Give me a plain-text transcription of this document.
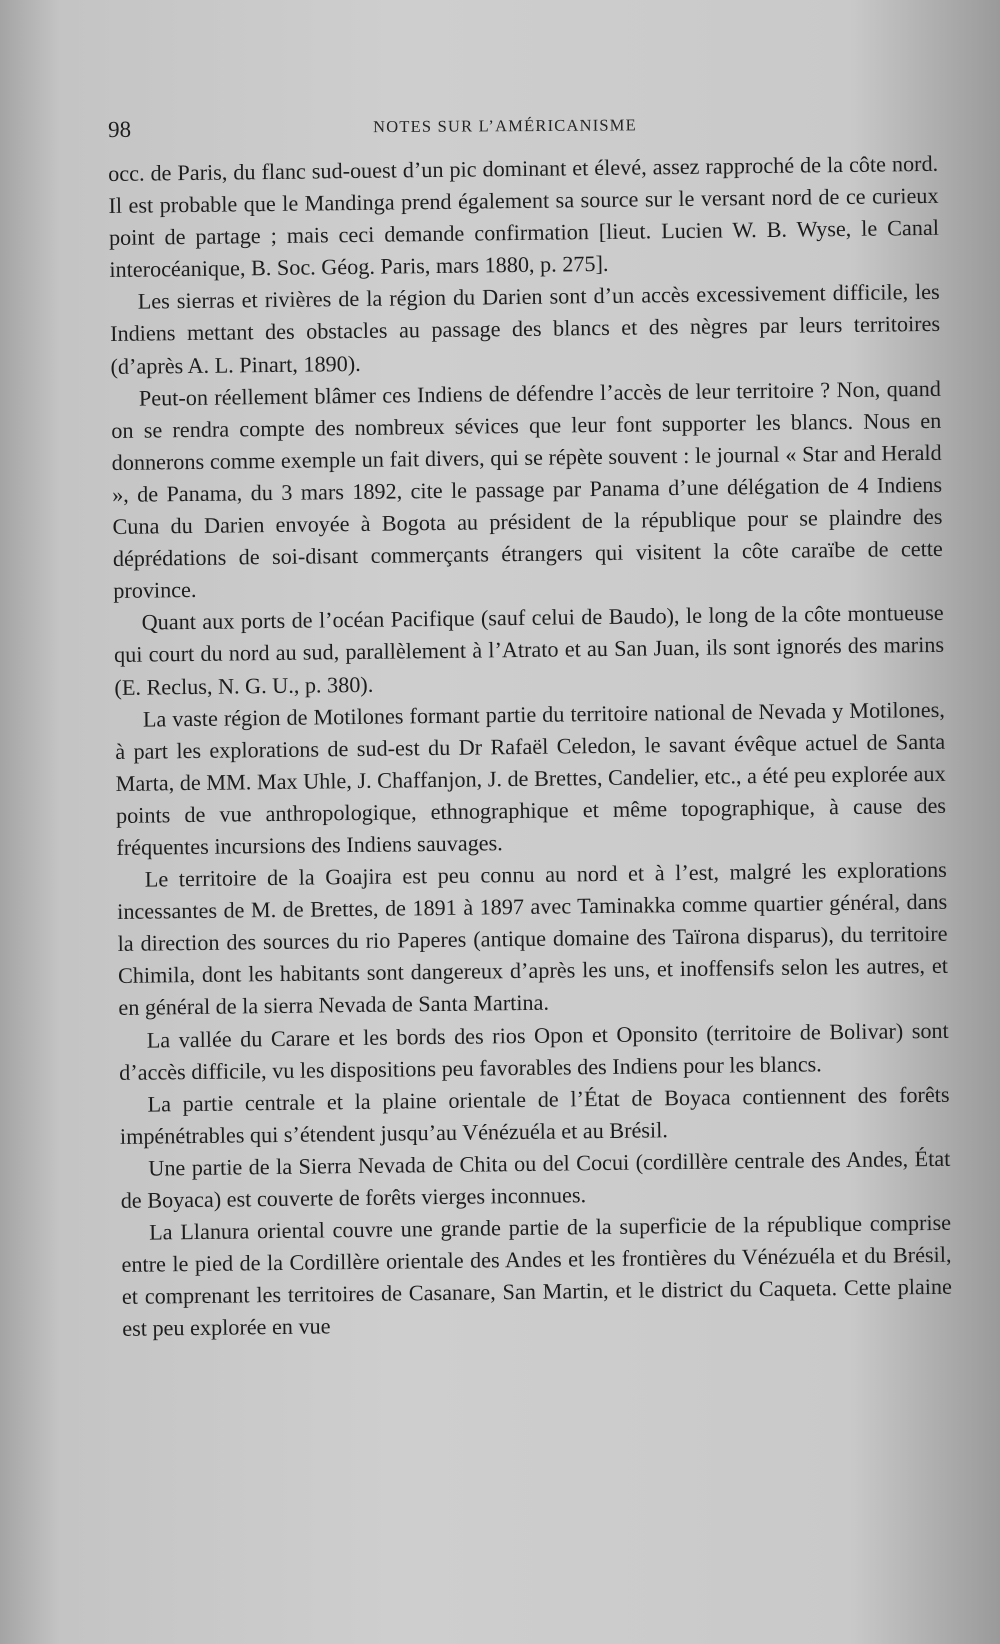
98	NOTES SUR L’AMÉRICANISME

occ. de Paris, du flanc sud-ouest d’un pic dominant et élevé, assez rapproché de la côte nord. Il est probable que le Mandinga prend également sa source sur le versant nord de ce curieux point de partage ; mais ceci demande confirmation [lieut. Lucien W. B. Wyse, le Canal interocéanique, B. Soc. Géog. Paris, mars 1880, p. 275].

Les sierras et rivières de la région du Darien sont d’un accès excessivement difficile, les Indiens mettant des obstacles au passage des blancs et des nègres par leurs territoires (d’après A. L. Pinart, 1890).

Peut-on réellement blâmer ces Indiens de défendre l’accès de leur territoire ? Non, quand on se rendra compte des nombreux sévices que leur font supporter les blancs. Nous en donnerons comme exemple un fait divers, qui se répète souvent : le journal « Star and Herald », de Panama, du 3 mars 1892, cite le passage par Panama d’une délégation de 4 Indiens Cuna du Darien envoyée à Bogota au président de la république pour se plaindre des déprédations de soi-disant commerçants étrangers qui visitent la côte caraïbe de cette province.

Quant aux ports de l’océan Pacifique (sauf celui de Baudo), le long de la côte montueuse qui court du nord au sud, parallèlement à l’Atrato et au San Juan, ils sont ignorés des marins (E. Reclus, N. G. U., p. 380).

La vaste région de Motilones formant partie du territoire national de Nevada y Motilones, à part les explorations de sud-est du Dr Rafaël Celedon, le savant évêque actuel de Santa Marta, de MM. Max Uhle, J. Chaffanjon, J. de Brettes, Candelier, etc., a été peu explorée aux points de vue anthropologique, ethnographique et même topographique, à cause des fréquentes incursions des Indiens sauvages.

Le territoire de la Goajira est peu connu au nord et à l’est, malgré les explorations incessantes de M. de Brettes, de 1891 à 1897 avec Taminakka comme quartier général, dans la direction des sources du rio Paperes (antique domaine des Taïrona disparus), du territoire Chimila, dont les habitants sont dangereux d’après les uns, et inoffensifs selon les autres, et en général de la sierra Nevada de Santa Martina.

La vallée du Carare et les bords des rios Opon et Oponsito (territoire de Bolivar) sont d’accès difficile, vu les dispositions peu favorables des Indiens pour les blancs.

La partie centrale et la plaine orientale de l’État de Boyaca contiennent des forêts impénétrables qui s’étendent jusqu’au Vénézuéla et au Brésil.

Une partie de la Sierra Nevada de Chita ou del Cocui (cordillère centrale des Andes, État de Boyaca) est couverte de forêts vierges inconnues.

La Llanura oriental couvre une grande partie de la superficie de la république comprise entre le pied de la Cordillère orientale des Andes et les frontières du Vénézuéla et du Brésil, et comprenant les territoires de Casanare, San Martin, et le district du Caqueta. Cette plaine est peu explorée en vue
